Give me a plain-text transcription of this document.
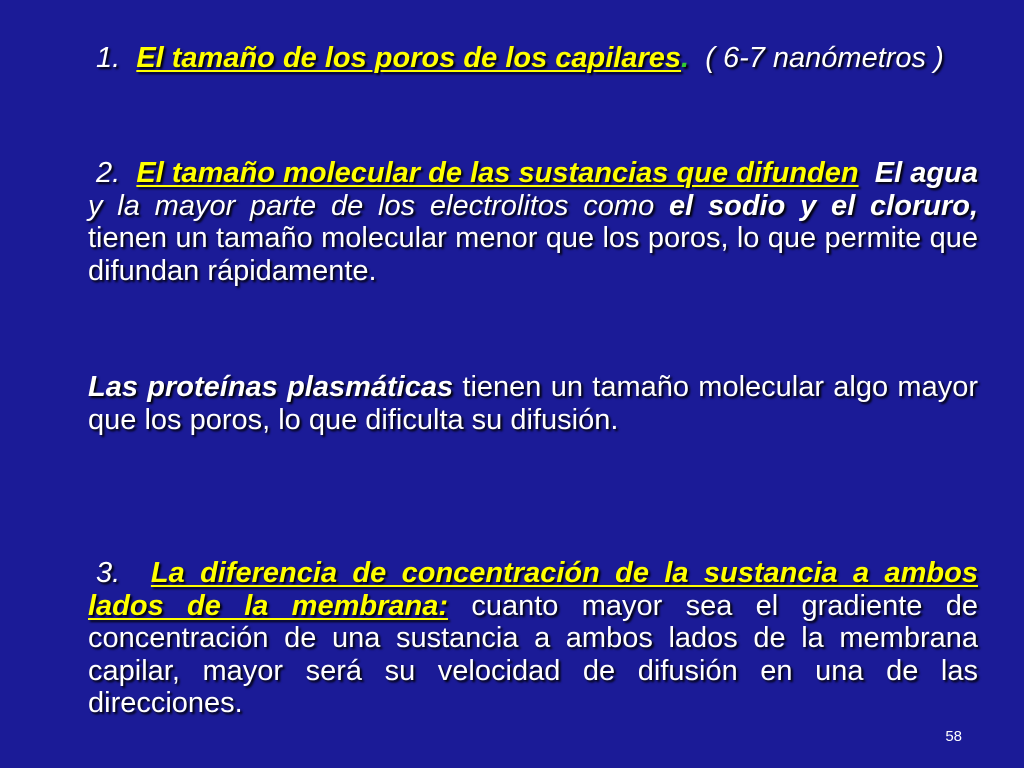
1. El tamaño de los poros de los capilares. ( 6-7 nanómetros )
2. El tamaño molecular de las sustancias que difunden El agua y la mayor parte de los electrolitos como el sodio y el cloruro, tienen un tamaño molecular menor que los poros, lo que permite que difundan rápidamente.
Las proteínas plasmáticas tienen un tamaño molecular algo mayor que los poros, lo que dificulta su difusión.
3. La diferencia de concentración de la sustancia a ambos lados de la membrana: cuanto mayor sea el gradiente de concentración de una sustancia a ambos lados de la membrana capilar, mayor será su velocidad de difusión en una de las direcciones.
58
